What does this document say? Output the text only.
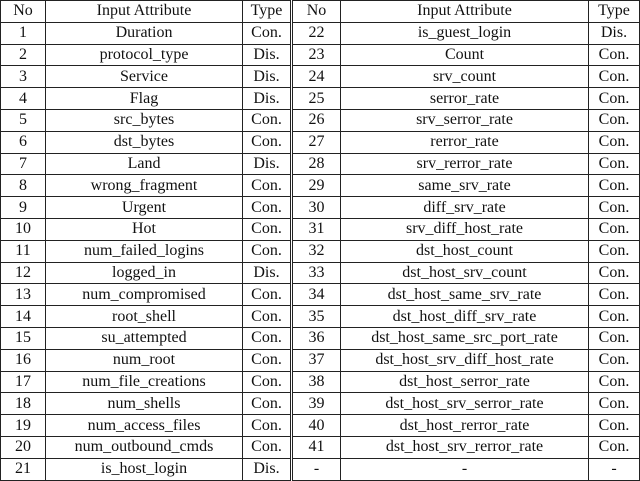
No	Input Attribute	Type	No	Input Attribute	Type
1	Duration	Con.	22	is_guest_login	Dis.
2	protocol_type	Dis.	23	Count	Con.
3	Service	Dis.	24	srv_count	Con.
4	Flag	Dis.	25	serror_rate	Con.
5	src_bytes	Con.	26	srv_serror_rate	Con.
6	dst_bytes	Con.	27	rerror_rate	Con.
7	Land	Dis.	28	srv_rerror_rate	Con.
8	wrong_fragment	Con.	29	same_srv_rate	Con.
9	Urgent	Con.	30	diff_srv_rate	Con.
10	Hot	Con.	31	srv_diff_host_rate	Con.
11	num_failed_logins	Con.	32	dst_host_count	Con.
12	logged_in	Dis.	33	dst_host_srv_count	Con.
13	num_compromised	Con.	34	dst_host_same_srv_rate	Con.
14	root_shell	Con.	35	dst_host_diff_srv_rate	Con.
15	su_attempted	Con.	36	dst_host_same_src_port_rate	Con.
16	num_root	Con.	37	dst_host_srv_diff_host_rate	Con.
17	num_file_creations	Con.	38	dst_host_serror_rate	Con.
18	num_shells	Con.	39	dst_host_srv_serror_rate	Con.
19	num_access_files	Con.	40	dst_host_rerror_rate	Con.
20	num_outbound_cmds	Con.	41	dst_host_srv_rerror_rate	Con.
21	is_host_login	Dis.	-	-	-
